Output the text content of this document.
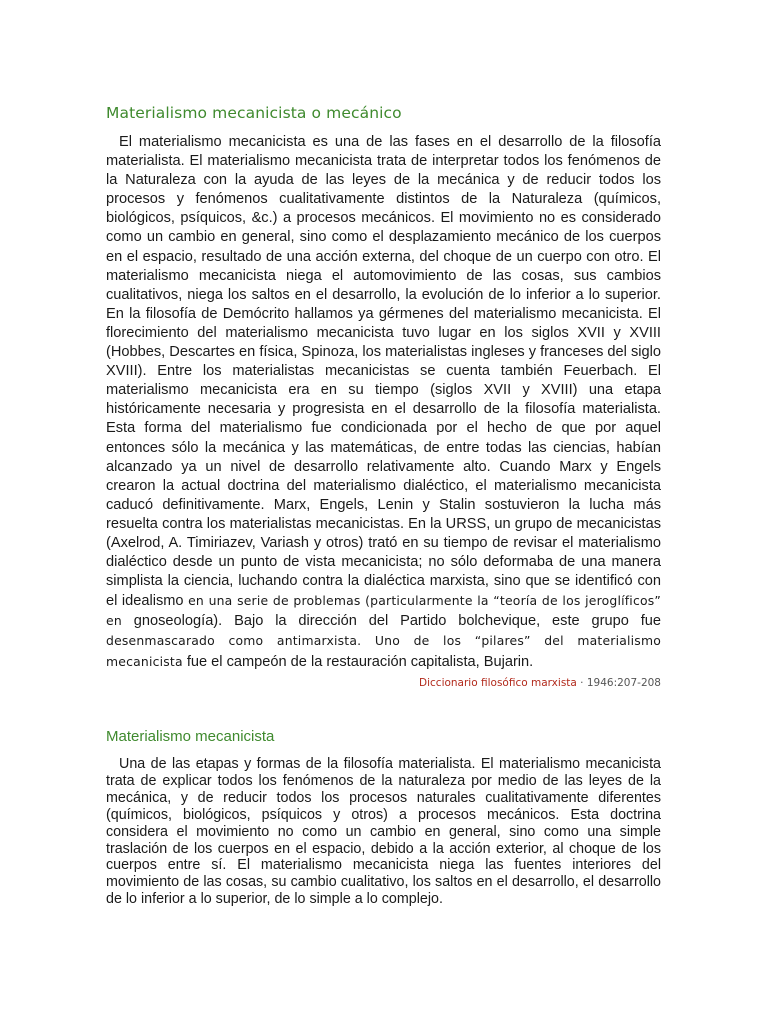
Materialismo mecanicista o mecánico

El materialismo mecanicista es una de las fases en el desarrollo de la filosofía materialista. El materialismo mecanicista trata de interpretar todos los fenómenos de la Naturaleza con la ayuda de las leyes de la mecánica y de reducir todos los procesos y fenómenos cualitativamente distintos de la Naturaleza (químicos, biológicos, psíquicos, &c.) a procesos mecánicos. El movimiento no es considerado como un cambio en general, sino como el desplazamiento mecánico de los cuerpos en el espacio, resultado de una acción externa, del choque de un cuerpo con otro. El materialismo mecanicista niega el automovimiento de las cosas, sus cambios cualitativos, niega los saltos en el desarrollo, la evolución de lo inferior a lo superior. En la filosofía de Demócrito hallamos ya gérmenes del materialismo mecanicista. El florecimiento del materialismo mecanicista tuvo lugar en los siglos XVII y XVIII (Hobbes, Descartes en física, Spinoza, los materialistas ingleses y franceses del siglo XVIII). Entre los materialistas mecanicistas se cuenta también Feuerbach. El materialismo mecanicista era en su tiempo (siglos XVII y XVIII) una etapa históricamente necesaria y progresista en el desarrollo de la filosofía materialista. Esta forma del materialismo fue condicionada por el hecho de que por aquel entonces sólo la mecánica y las matemáticas, de entre todas las ciencias, habían alcanzado ya un nivel de desarrollo relativamente alto. Cuando Marx y Engels crearon la actual doctrina del materialismo dialéctico, el materialismo mecanicista caducó definitivamente. Marx, Engels, Lenin y Stalin sostuvieron la lucha más resuelta contra los materialistas mecanicistas. En la URSS, un grupo de mecanicistas (Axelrod, A. Timiriazev, Variash y otros) trató en su tiempo de revisar el materialismo dialéctico desde un punto de vista mecanicista; no sólo deformaba de una manera simplista la ciencia, luchando contra la dialéctica marxista, sino que se identificó con el idealismo en una serie de problemas (particularmente la “teoría de los jeroglíficos” en gnoseología). Bajo la dirección del Partido bolchevique, este grupo fue desenmascarado como antimarxista. Uno de los “pilares” del materialismo mecanicista fue el campeón de la restauración capitalista, Bujarin.

Diccionario filosófico marxista · 1946:207-208
Materialismo mecanicista

Una de las etapas y formas de la filosofía materialista. El materialismo mecanicista trata de explicar todos los fenómenos de la naturaleza por medio de las leyes de la mecánica, y de reducir todos los procesos naturales cualitativamente diferentes (químicos, biológicos, psíquicos y otros) a procesos mecánicos. Esta doctrina considera el movimiento no como un cambio en general, sino como una simple traslación de los cuerpos en el espacio, debido a la acción exterior, al choque de los cuerpos entre sí. El materialismo mecanicista niega las fuentes interiores del movimiento de las cosas, su cambio cualitativo, los saltos en el desarrollo, el desarrollo de lo inferior a lo superior, de lo simple a lo complejo.
